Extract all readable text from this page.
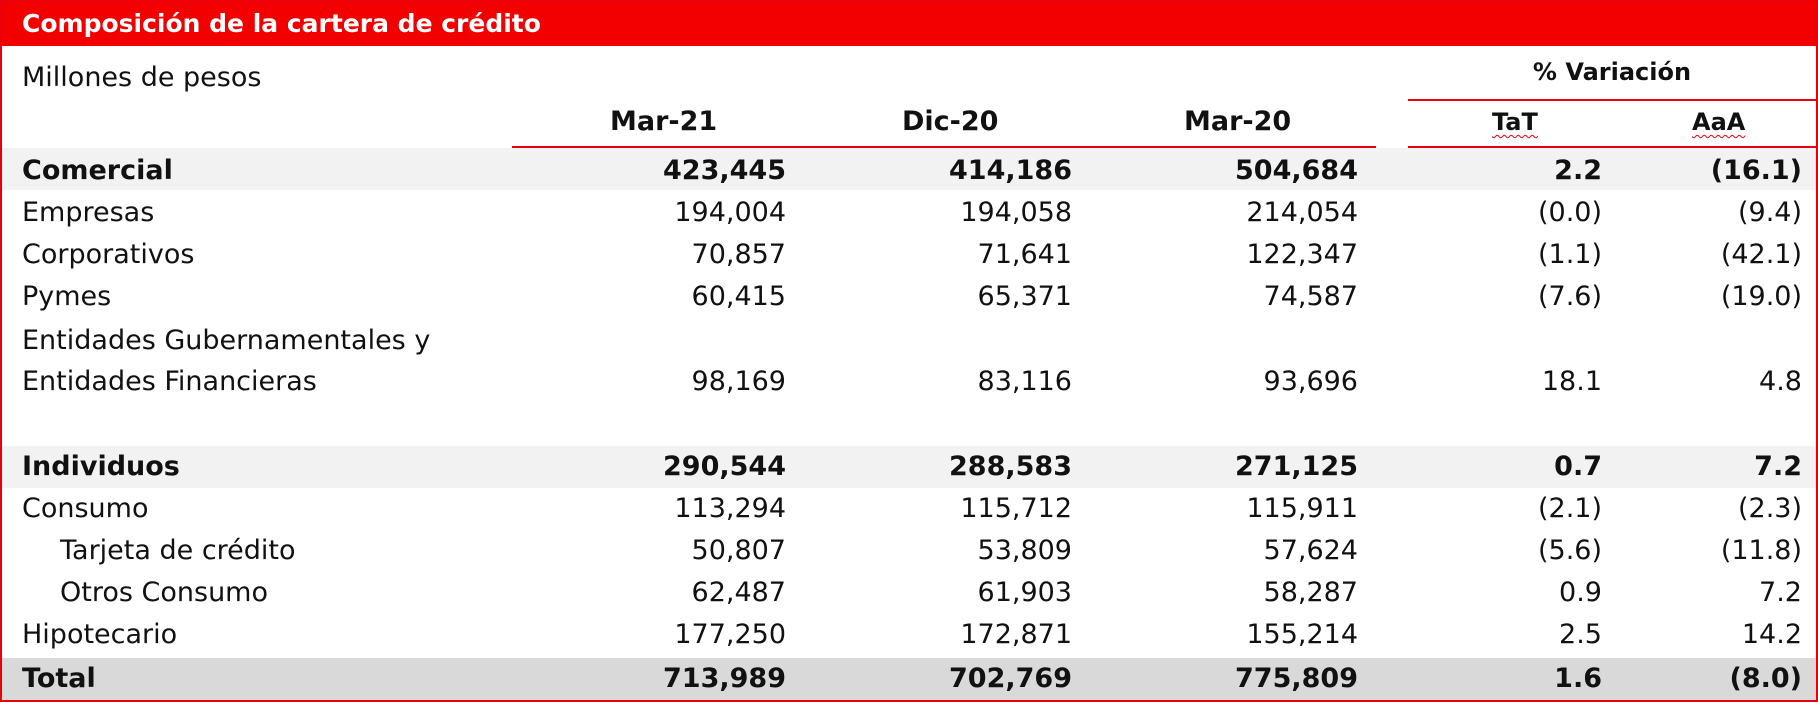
Composición de la cartera de crédito
Millones de pesos	% Variación
Mar-21	Dic-20	Mar-20	TaT	AaA
Comercial	423,445	414,186	504,684	2.2	(16.1)
Empresas	194,004	194,058	214,054	(0.0)	(9.4)
Corporativos	70,857	71,641	122,347	(1.1)	(42.1)
Pymes	60,415	65,371	74,587	(7.6)	(19.0)
Entidades Gubernamentales y
Entidades Financieras	98,169	83,116	93,696	18.1	4.8
Individuos	290,544	288,583	271,125	0.7	7.2
Consumo	113,294	115,712	115,911	(2.1)	(2.3)
Tarjeta de crédito	50,807	53,809	57,624	(5.6)	(11.8)
Otros Consumo	62,487	61,903	58,287	0.9	7.2
Hipotecario	177,250	172,871	155,214	2.5	14.2
Total	713,989	702,769	775,809	1.6	(8.0)
